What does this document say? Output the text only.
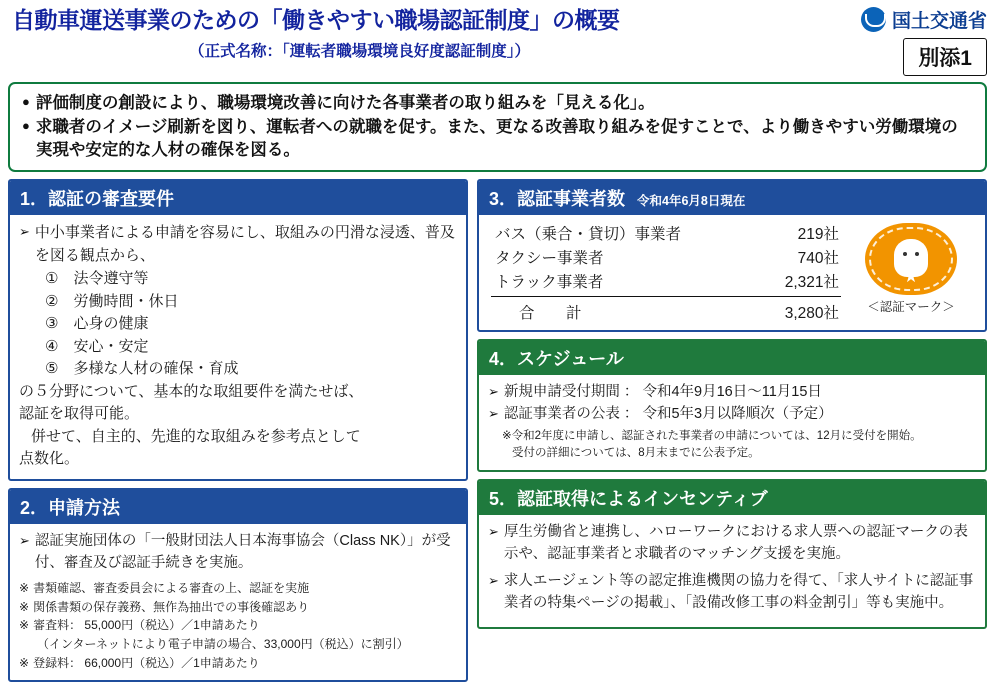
自動車運送事業のための「働きやすい職場認証制度」の概要
（正式名称：「運転者職場環境良好度認証制度」）
国土交通省
別添1
● 評価制度の創設により、職場環境改善に向けた各事業者の取り組みを「見える化」。
● 求職者のイメージ刷新を図り、運転者への就職を促す。また、更なる改善取り組みを促すことで、より働きやすい労働環境の実現や安定的な人材の確保を図る。
1．認証の審査要件
➢ 中小事業者による申請を容易にし、取組みの円滑な浸透、普及を図る観点から、
①　法令遵守等
②　労働時間・休日
③　心身の健康
④　安心・安定
⑤　多様な人材の確保・育成
の５分野について、基本的な取組要件を満たせば、
認証を取得可能。
併せて、自主的、先進的な取組みを参考点として
点数化。
2．申請方法
➢ 認証実施団体の「一般財団法人日本海事協会（Class NK）」が受付、審査及び認証手続きを実施。
※ 書類確認、審査委員会による審査の上、認証を実施
※ 関係書類の保存義務、無作為抽出での事後確認あり
※ 審査料： 55,000円（税込）／1申請あたり
（インターネットにより電子申請の場合、33,000円（税込）に割引）
※ 登録料： 66,000円（税込）／1申請あたり
3．認証事業者数 令和4年6月8日現在
バス（乗合・貸切）事業者	219社
タクシー事業者	740社
トラック事業者	2,321社
合　計	3,280社
★
＜認証マーク＞
4．スケジュール
➢ 新規申請受付期間 ： 令和4年9月16日〜11月15日
➢ 認証事業者の公表 ： 令和5年3月以降順次（予定）
※令和2年度に申請し、認証された事業者の申請については、12月に受付を開始。
受付の詳細については、8月末までに公表予定。
5．認証取得によるインセンティブ
➢ 厚生労働省と連携し、ハローワークにおける求人票への認証マークの表示や、認証事業者と求職者のマッチング支援を実施。
➢ 求人エージェント等の認定推進機関の協力を得て、「求人サイトに認証事業者の特集ページの掲載」、「設備改修工事の料金割引」等も実施中。
